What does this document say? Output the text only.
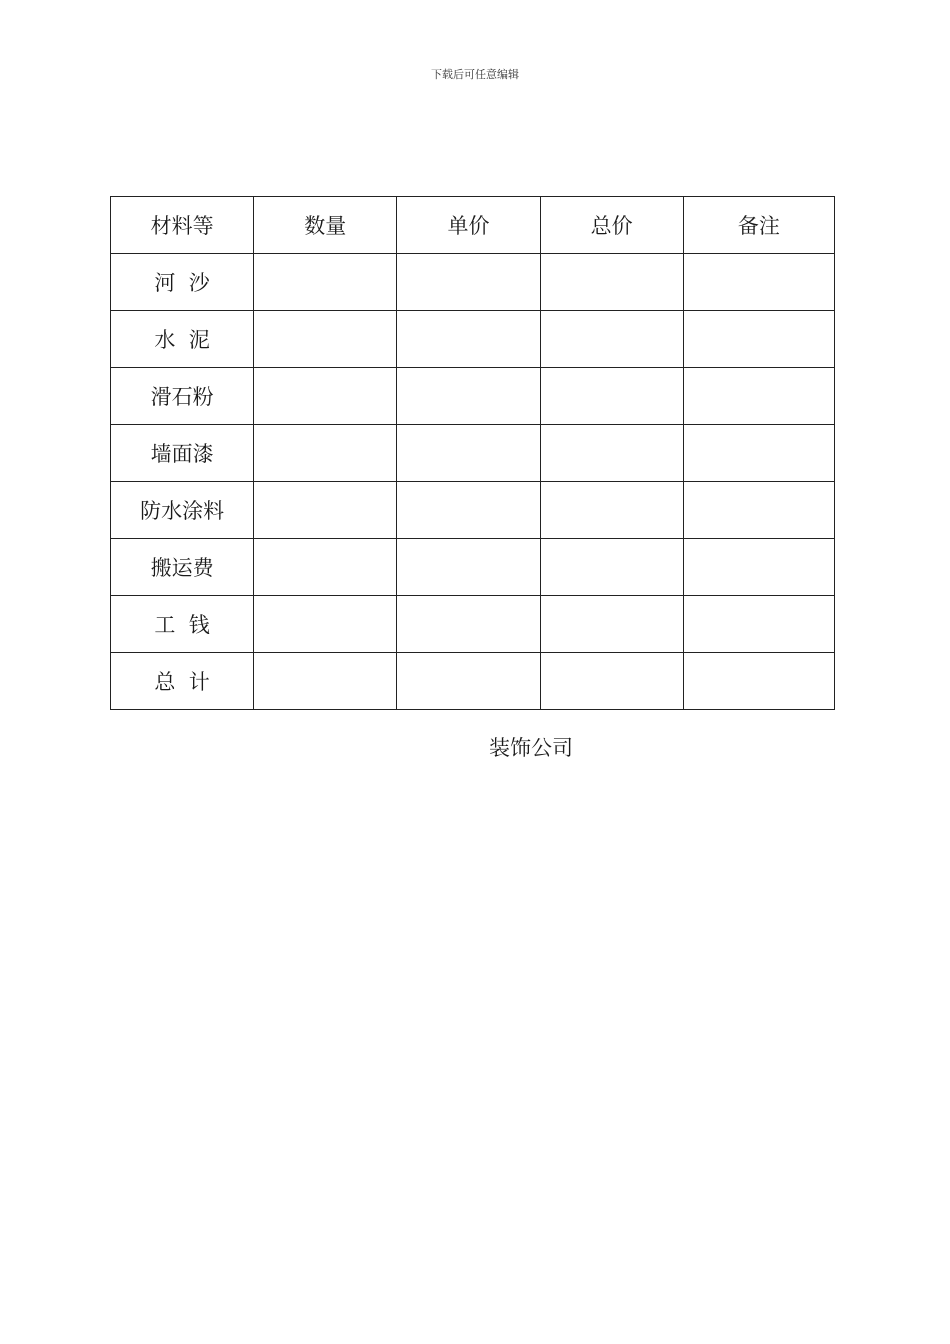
下载后可任意编辑
材料等	数量	单价	总价	备注
河  沙				
水  泥				
滑石粉				
墙面漆				
防水涂料				
搬运费				
工  钱				
总  计				
装饰公司
